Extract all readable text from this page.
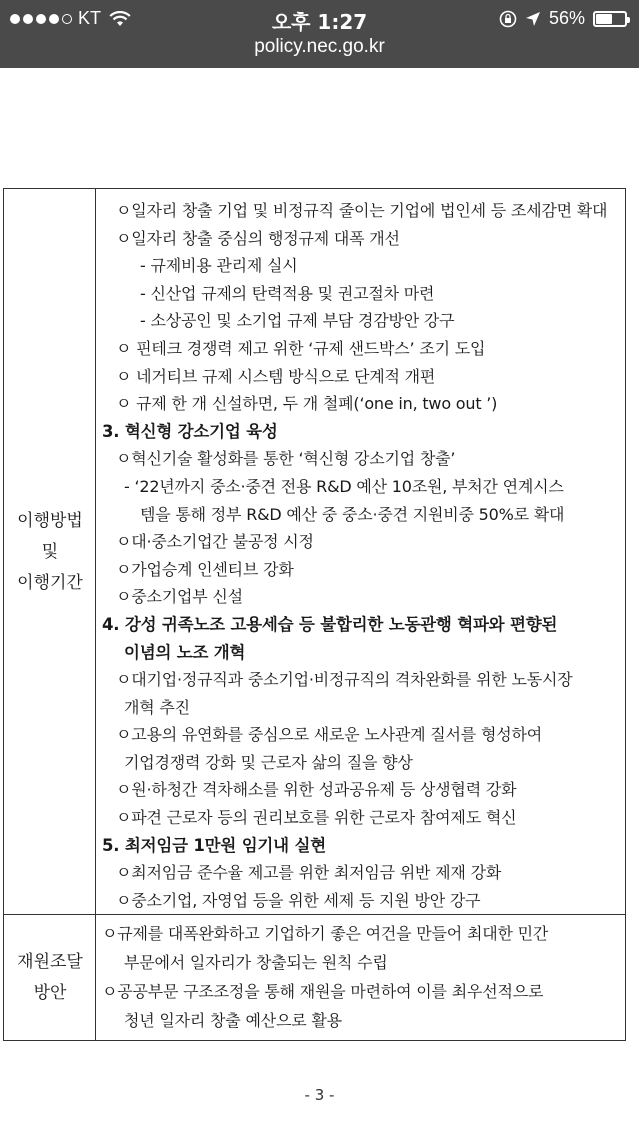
KT	오후 1:27	56%
policy.nec.go.kr
이행방법
및
이행기간
ㅇ일자리 창출 기업 및 비정규직 줄이는 기업에 법인세 등 조세감면 확대
ㅇ일자리 창출 중심의 행정규제 대폭 개선
- 규제비용 관리제 실시
- 신산업 규제의 탄력적용 및 권고절차 마련
- 소상공인 및 소기업 규제 부담 경감방안 강구
ㅇ 핀테크 경쟁력 제고 위한 ‘규제 샌드박스’ 조기 도입
ㅇ 네거티브 규제 시스템 방식으로 단계적 개편
ㅇ 규제 한 개 신설하면, 두 개 철폐(‘one in, two out ’)
3. 혁신형 강소기업 육성
ㅇ혁신기술 활성화를 통한 ‘혁신형 강소기업 창출’
- ‘22년까지 중소·중견 전용 R&D 예산 10조원, 부처간 연계시스
템을 통해 정부 R&D 예산 중 중소·중견 지원비중 50%로 확대
ㅇ대·중소기업간 불공정 시정
ㅇ가업승계 인센티브 강화
ㅇ중소기업부 신설
4. 강성 귀족노조 고용세습 등 불합리한 노동관행 혁파와 편향된
이념의 노조 개혁
ㅇ대기업·정규직과 중소기업·비정규직의 격차완화를 위한 노동시장
개혁 추진
ㅇ고용의 유연화를 중심으로 새로운 노사관계 질서를 형성하여
기업경쟁력 강화 및 근로자 삶의 질을 향상
ㅇ원·하청간 격차해소를 위한 성과공유제 등 상생협력 강화
ㅇ파견 근로자 등의 권리보호를 위한 근로자 참여제도 혁신
5. 최저임금 1만원 임기내 실현
ㅇ최저임금 준수율 제고를 위한 최저임금 위반 제재 강화
ㅇ중소기업, 자영업 등을 위한 세제 등 지원 방안 강구
재원조달
방안
ㅇ규제를 대폭완화하고 기업하기 좋은 여건을 만들어 최대한 민간
부문에서 일자리가 창출되는 원칙 수립
ㅇ공공부문 구조조정을 통해 재원을 마련하여 이를 최우선적으로
청년 일자리 창출 예산으로 활용
- 3 -
